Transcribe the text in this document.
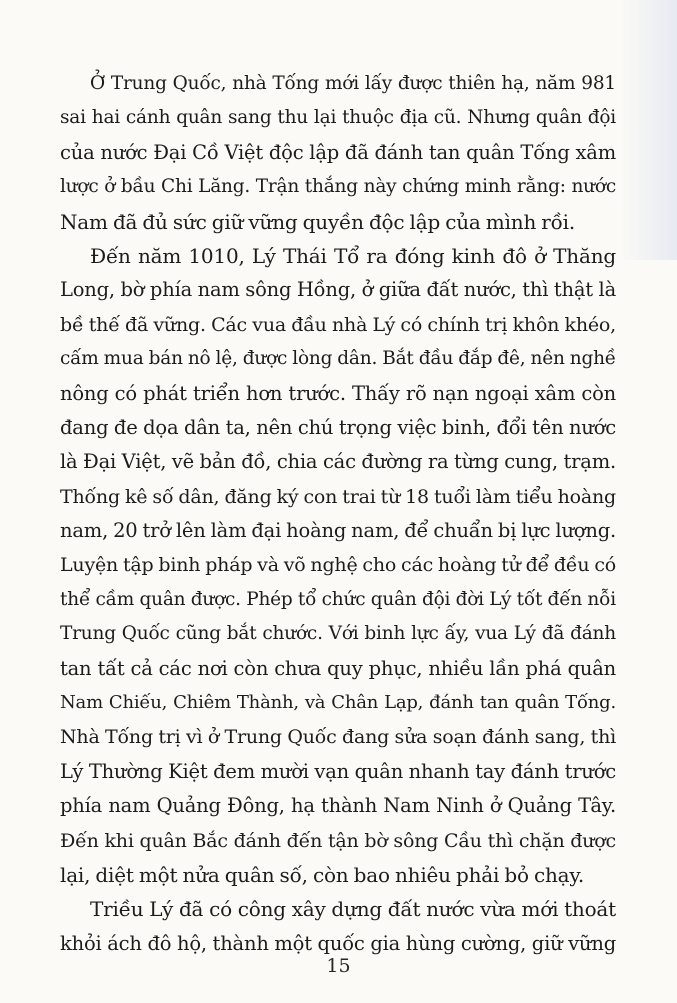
Ở Trung Quốc, nhà Tống mới lấy được thiên hạ, năm 981
sai hai cánh quân sang thu lại thuộc địa cũ. Nhưng quân đội
của nước Đại Cồ Việt độc lập đã đánh tan quân Tống xâm
lược ở bầu Chi Lăng. Trận thắng này chứng minh rằng: nước
Nam đã đủ sức giữ vững quyền độc lập của mình rồi.
Đến năm 1010, Lý Thái Tổ ra đóng kinh đô ở Thăng
Long, bờ phía nam sông Hồng, ở giữa đất nước, thì thật là
bề thế đã vững. Các vua đầu nhà Lý có chính trị khôn khéo,
cấm mua bán nô lệ, được lòng dân. Bắt đầu đắp đê, nên nghề
nông có phát triển hơn trước. Thấy rõ nạn ngoại xâm còn
đang đe dọa dân ta, nên chú trọng việc binh, đổi tên nước
là Đại Việt, vẽ bản đồ, chia các đường ra từng cung, trạm.
Thống kê số dân, đăng ký con trai từ 18 tuổi làm tiểu hoàng
nam, 20 trở lên làm đại hoàng nam, để chuẩn bị lực lượng.
Luyện tập binh pháp và võ nghệ cho các hoàng tử để đều có
thể cầm quân được. Phép tổ chức quân đội đời Lý tốt đến nỗi
Trung Quốc cũng bắt chước. Với binh lực ấy, vua Lý đã đánh
tan tất cả các nơi còn chưa quy phục, nhiều lần phá quân
Nam Chiếu, Chiêm Thành, và Chân Lạp, đánh tan quân Tống.
Nhà Tống trị vì ở Trung Quốc đang sửa soạn đánh sang, thì
Lý Thường Kiệt đem mười vạn quân nhanh tay đánh trước
phía nam Quảng Đông, hạ thành Nam Ninh ở Quảng Tây.
Đến khi quân Bắc đánh đến tận bờ sông Cầu thì chặn được
lại, diệt một nửa quân số, còn bao nhiêu phải bỏ chạy.
Triều Lý đã có công xây dựng đất nước vừa mới thoát
khỏi ách đô hộ, thành một quốc gia hùng cường, giữ vững
15
